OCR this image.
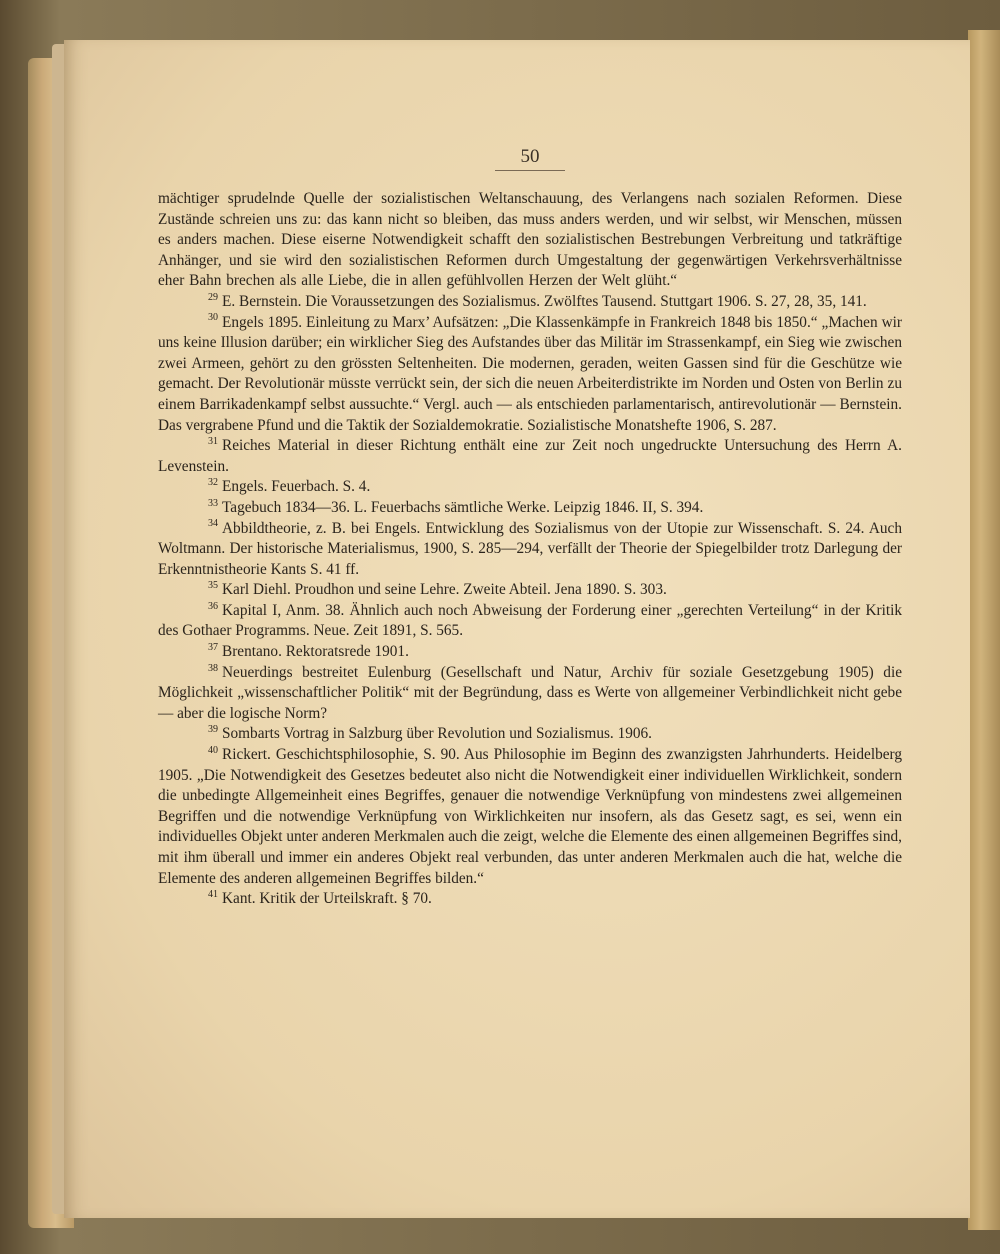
50

mächtiger sprudelnde Quelle der sozialistischen Weltanschauung, des Verlangens nach sozialen Reformen. Diese Zustände schreien uns zu: das kann nicht so bleiben, das muss anders werden, und wir selbst, wir Menschen, müssen es anders machen. Diese eiserne Notwendigkeit schafft den sozialistischen Bestrebungen Verbreitung und tatkräftige Anhänger, und sie wird den sozialistischen Reformen durch Umgestaltung der gegenwärtigen Verkehrsverhältnisse eher Bahn brechen als alle Liebe, die in allen gefühlvollen Herzen der Welt glüht.“

$^{29}$ E. Bernstein. Die Voraussetzungen des Sozialismus. Zwölftes Tausend. Stuttgart 1906. S. 27, 28, 35, 141.

$^{30}$ Engels 1895. Einleitung zu Marx’ Aufsätzen: „Die Klassenkämpfe in Frankreich 1848 bis 1850.“ „Machen wir uns keine Illusion darüber; ein wirklicher Sieg des Aufstandes über das Militär im Strassenkampf, ein Sieg wie zwischen zwei Armeen, gehört zu den grössten Seltenheiten. Die modernen, geraden, weiten Gassen sind für die Geschütze wie gemacht. Der Revolutionär müsste verrückt sein, der sich die neuen Arbeiterdistrikte im Norden und Osten von Berlin zu einem Barrikadenkampf selbst aussuchte.“ Vergl. auch — als entschieden parlamentarisch, antirevolutionär — Bernstein. Das vergrabene Pfund und die Taktik der Sozialdemokratie. Sozialistische Monatshefte 1906, S. 287.

$^{31}$ Reiches Material in dieser Richtung enthält eine zur Zeit noch ungedruckte Untersuchung des Herrn A. Levenstein.

$^{32}$ Engels. Feuerbach. S. 4.

$^{33}$ Tagebuch 1834—36. L. Feuerbachs sämtliche Werke. Leipzig 1846. II, S. 394.

$^{34}$ Abbildtheorie, z. B. bei Engels. Entwicklung des Sozialismus von der Utopie zur Wissenschaft. S. 24. Auch Woltmann. Der historische Materialismus, 1900, S. 285—294, verfällt der Theorie der Spiegelbilder trotz Darlegung der Erkenntnistheorie Kants S. 41 ff.

$^{35}$ Karl Diehl. Proudhon und seine Lehre. Zweite Abteil. Jena 1890. S. 303.

$^{36}$ Kapital I, Anm. 38. Ähnlich auch noch Abweisung der Forderung einer „gerechten Verteilung“ in der Kritik des Gothaer Programms. Neue. Zeit 1891, S. 565.

$^{37}$ Brentano. Rektoratsrede 1901.

$^{38}$ Neuerdings bestreitet Eulenburg (Gesellschaft und Natur, Archiv für soziale Gesetzgebung 1905) die Möglichkeit „wissenschaftlicher Politik“ mit der Begründung, dass es Werte von allgemeiner Verbindlichkeit nicht gebe — aber die logische Norm?

$^{39}$ Sombarts Vortrag in Salzburg über Revolution und Sozialismus. 1906.

$^{40}$ Rickert. Geschichtsphilosophie, S. 90. Aus Philosophie im Beginn des zwanzigsten Jahrhunderts. Heidelberg 1905. „Die Notwendigkeit des Gesetzes bedeutet also nicht die Notwendigkeit einer individuellen Wirklichkeit, sondern die unbedingte Allgemeinheit eines Begriffes, genauer die notwendige Verknüpfung von mindestens zwei allgemeinen Begriffen und die notwendige Verknüpfung von Wirklichkeiten nur insofern, als das Gesetz sagt, es sei, wenn ein individuelles Objekt unter anderen Merkmalen auch die zeigt, welche die Elemente des einen allgemeinen Begriffes sind, mit ihm überall und immer ein anderes Objekt real verbunden, das unter anderen Merkmalen auch die hat, welche die Elemente des anderen allgemeinen Begriffes bilden.“

$^{41}$ Kant. Kritik der Urteilskraft. § 70.
